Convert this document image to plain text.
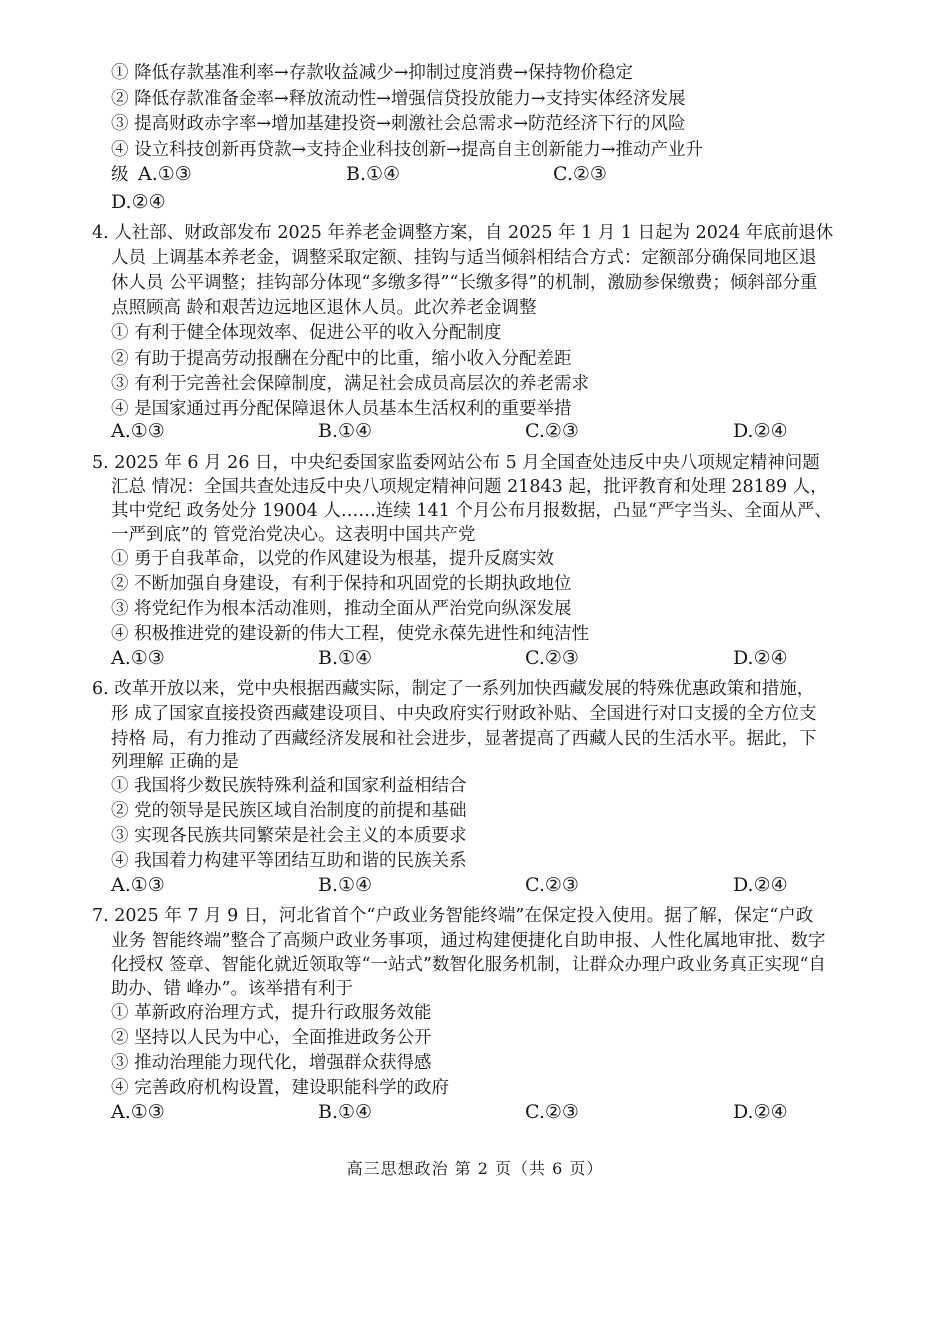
① 降低存款基准利率→存款收益减少→抑制过度消费→保持物价稳定
② 降低存款准备金率→释放流动性→增强信贷投放能力→支持实体经济发展
③ 提高财政赤字率→增加基建投资→刺激社会总需求→防范经济下行的风险
④ 设立科技创新再贷款→支持企业科技创新→提高自主创新能力→推动产业升
级 A.①③	B.①④	C.②③
D.②④
4. 人社部、财政部发布 2025 年养老金调整方案，自 2025 年 1 月 1 日起为 2024 年底前退休
人员 上调基本养老金，调整采取定额、挂钩与适当倾斜相结合方式：定额部分确保同地区退
休人员 公平调整；挂钩部分体现“多缴多得”“长缴多得”的机制，激励参保缴费；倾斜部分重
点照顾高 龄和艰苦边远地区退休人员。此次养老金调整
① 有利于健全体现效率、促进公平的收入分配制度
② 有助于提高劳动报酬在分配中的比重，缩小收入分配差距
③ 有利于完善社会保障制度，满足社会成员高层次的养老需求
④ 是国家通过再分配保障退休人员基本生活权利的重要举措
A.①③	B.①④	C.②③	D.②④
5. 2025 年 6 月 26 日，中央纪委国家监委网站公布 5 月全国查处违反中央八项规定精神问题
汇总 情况：全国共查处违反中央八项规定精神问题 21843 起，批评教育和处理 28189 人，
其中党纪 政务处分 19004 人……连续 141 个月公布月报数据，凸显“严字当头、全面从严、
一严到底”的 管党治党决心。这表明中国共产党
① 勇于自我革命，以党的作风建设为根基，提升反腐实效
② 不断加强自身建设，有利于保持和巩固党的长期执政地位
③ 将党纪作为根本活动准则，推动全面从严治党向纵深发展
④ 积极推进党的建设新的伟大工程，使党永葆先进性和纯洁性
A.①③	B.①④	C.②③	D.②④
6. 改革开放以来，党中央根据西藏实际，制定了一系列加快西藏发展的特殊优惠政策和措施，
形 成了国家直接投资西藏建设项目、中央政府实行财政补贴、全国进行对口支援的全方位支
持格 局，有力推动了西藏经济发展和社会进步，显著提高了西藏人民的生活水平。据此，下
列理解 正确的是
① 我国将少数民族特殊利益和国家利益相结合
② 党的领导是民族区域自治制度的前提和基础
③ 实现各民族共同繁荣是社会主义的本质要求
④ 我国着力构建平等团结互助和谐的民族关系
A.①③	B.①④	C.②③	D.②④
7. 2025 年 7 月 9 日，河北省首个“户政业务智能终端”在保定投入使用。据了解，保定“户政
业务 智能终端”整合了高频户政业务事项，通过构建便捷化自助申报、人性化属地审批、数字
化授权 签章、智能化就近领取等“一站式”数智化服务机制，让群众办理户政业务真正实现“自
助办、错 峰办”。该举措有利于
① 革新政府治理方式，提升行政服务效能
② 坚持以人民为中心，全面推进政务公开
③ 推动治理能力现代化，增强群众获得感
④ 完善政府机构设置，建设职能科学的政府
A.①③	B.①④	C.②③	D.②④
高三思想政治 第 2 页（共 6 页）
